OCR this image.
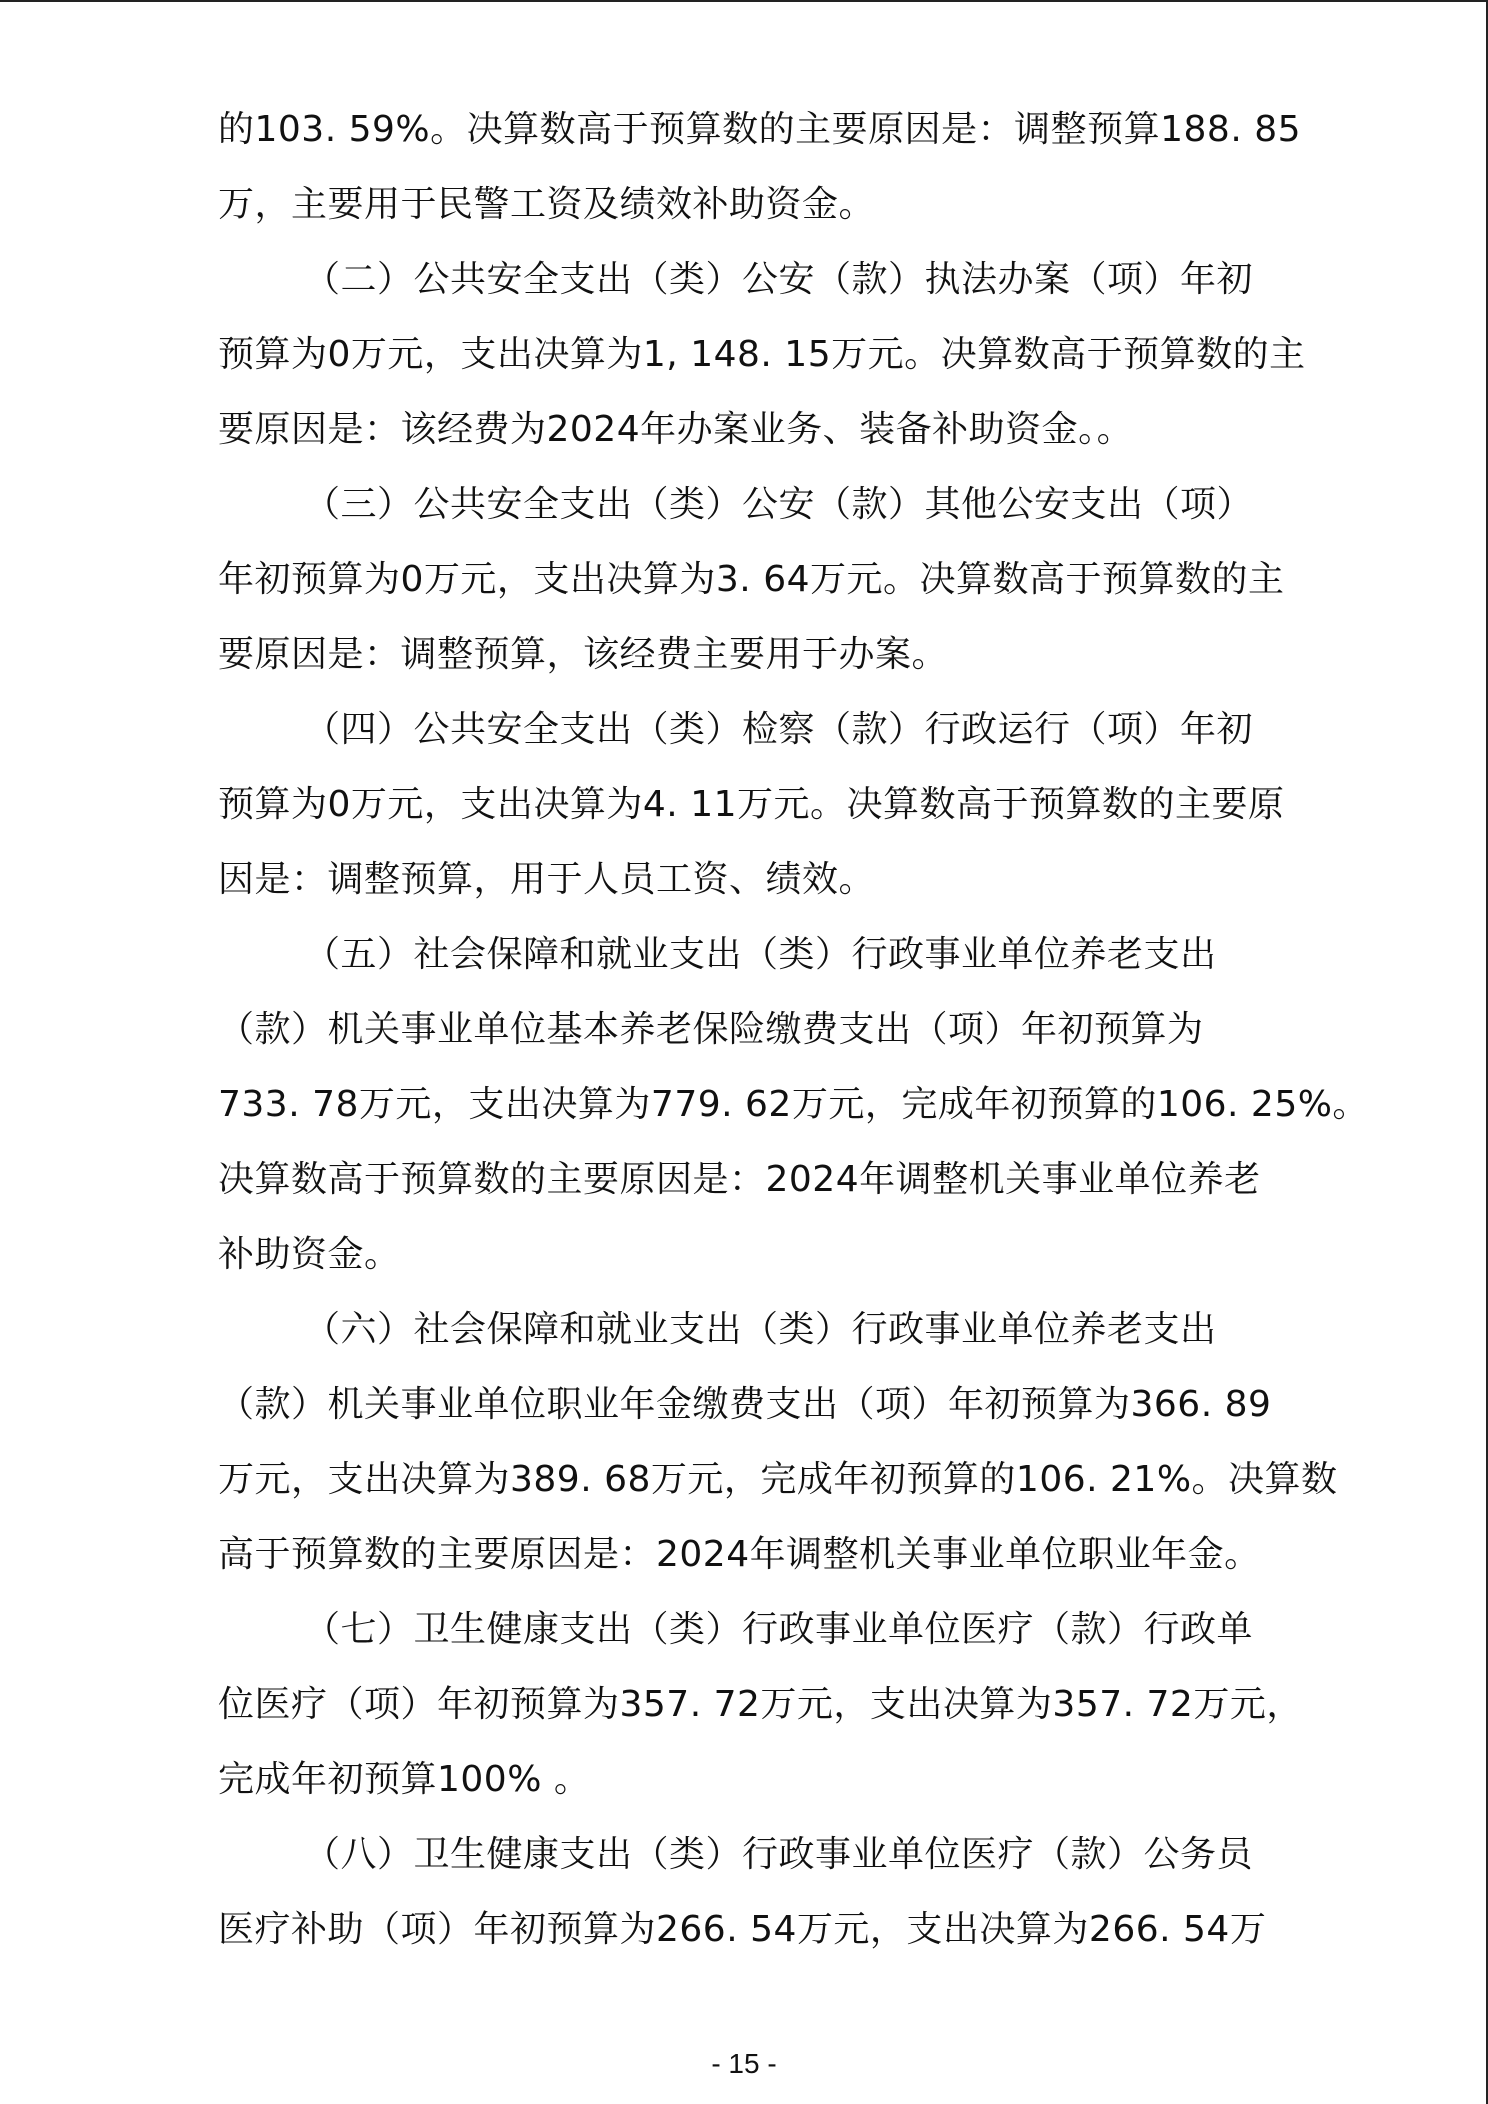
的103. 59%。决算数高于预算数的主要原因是：调整预算188. 85
万，主要用于民警工资及绩效补助资金。
（二）公共安全支出（类）公安（款）执法办案（项）年初
预算为0万元，支出决算为1, 148. 15万元。决算数高于预算数的主
要原因是：该经费为2024年办案业务、装备补助资金。。
（三）公共安全支出（类）公安（款）其他公安支出（项）
年初预算为0万元，支出决算为3. 64万元。决算数高于预算数的主
要原因是：调整预算，该经费主要用于办案。
（四）公共安全支出（类）检察（款）行政运行（项）年初
预算为0万元，支出决算为4. 11万元。决算数高于预算数的主要原
因是：调整预算，用于人员工资、绩效。
（五）社会保障和就业支出（类）行政事业单位养老支出
（款）机关事业单位基本养老保险缴费支出（项）年初预算为
733. 78万元，支出决算为779. 62万元，完成年初预算的106. 25%。
决算数高于预算数的主要原因是：2024年调整机关事业单位养老
补助资金。
（六）社会保障和就业支出（类）行政事业单位养老支出
（款）机关事业单位职业年金缴费支出（项）年初预算为366. 89
万元，支出决算为389. 68万元，完成年初预算的106. 21%。决算数
高于预算数的主要原因是：2024年调整机关事业单位职业年金。
（七）卫生健康支出（类）行政事业单位医疗（款）行政单
位医疗（项）年初预算为357. 72万元，支出决算为357. 72万元，
完成年初预算100% 。
（八）卫生健康支出（类）行政事业单位医疗（款）公务员
医疗补助（项）年初预算为266. 54万元，支出决算为266. 54万
- 15 -
